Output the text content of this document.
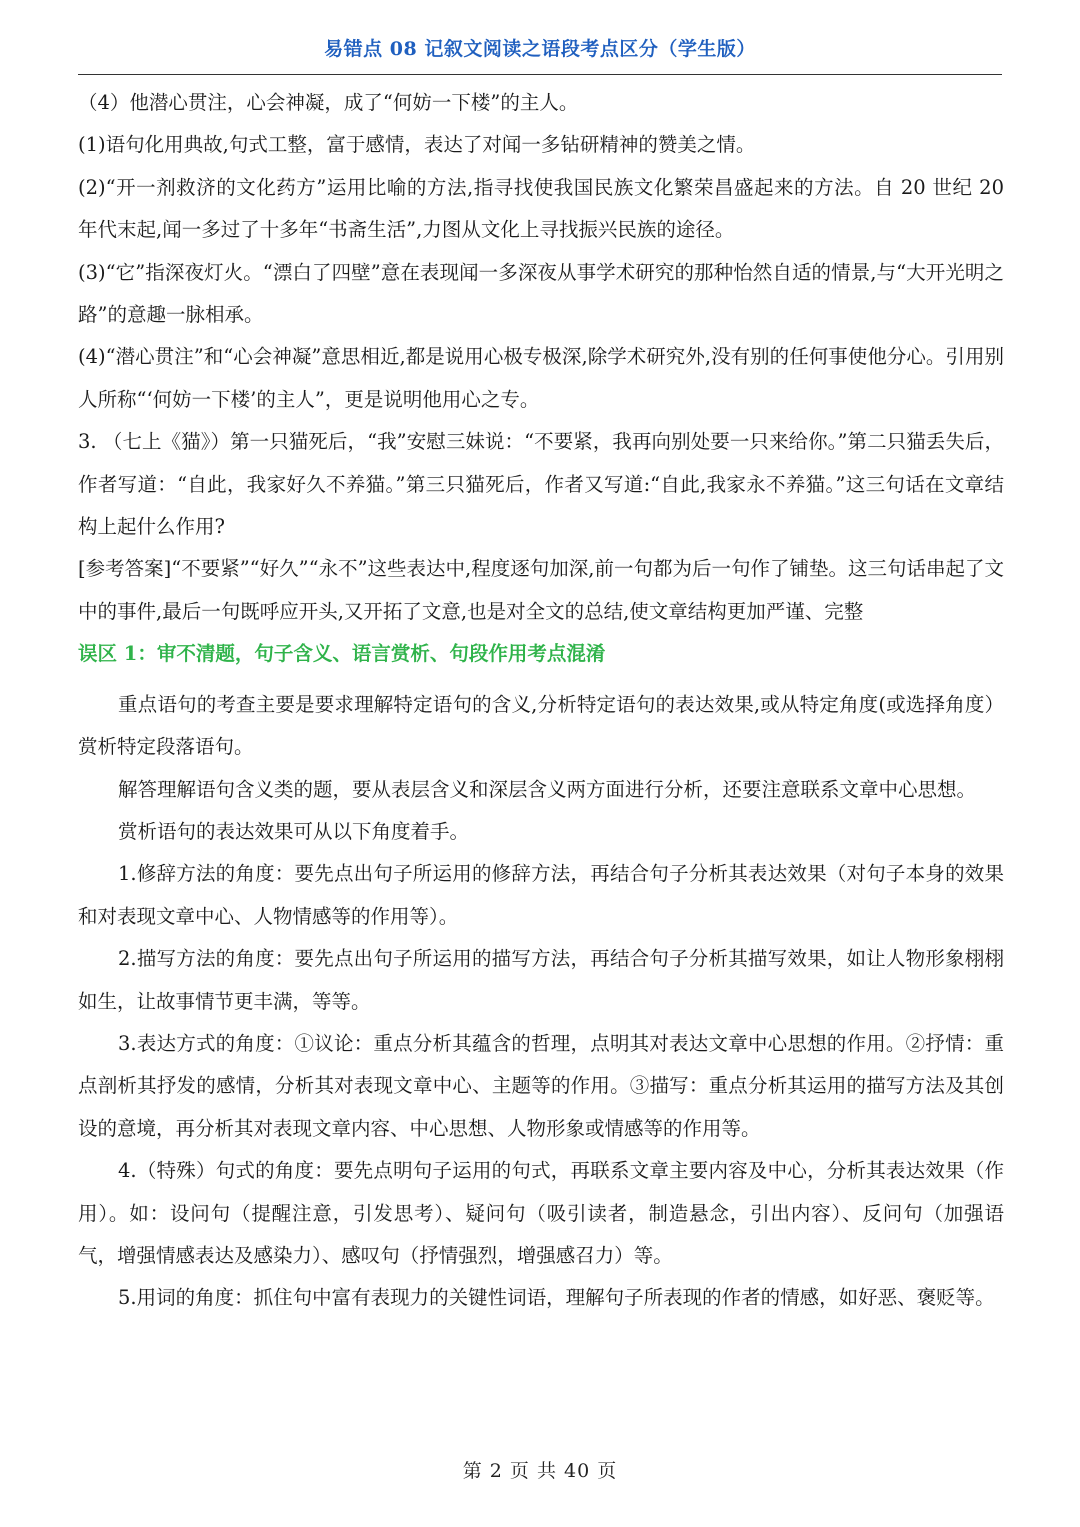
易错点 08 记叙文阅读之语段考点区分（学生版）

（4）他潜心贯注，心会神凝，成了“何妨一下楼”的主人。

(1)语句化用典故,句式工整，富于感情，表达了对闻一多钻研精神的赞美之情。

(2)“开一剂救济的文化药方”运用比喻的方法,指寻找使我国民族文化繁荣昌盛起来的方法。自 20 世纪 20 年代末起,闻一多过了十多年“书斋生活”,力图从文化上寻找振兴民族的途径。

(3)“它”指深夜灯火。“漂白了四壁”意在表现闻一多深夜从事学术研究的那种怡然自适的情景,与“大开光明之路”的意趣一脉相承。

(4)“潜心贯注”和“心会神凝”意思相近,都是说用心极专极深,除学术研究外,没有别的任何事使他分心。引用别人所称“‘何妨一下楼’的主人”，更是说明他用心之专。

3. （七上《猫》）第一只猫死后，“我”安慰三妹说：“不要紧，我再向别处要一只来给你。”第二只猫丢失后，作者写道：“自此，我家好久不养猫。”第三只猫死后，作者又写道:“自此,我家永不养猫。”这三句话在文章结构上起什么作用?

[参考答案]“不要紧”“好久”“永不”这些表达中,程度逐句加深,前一句都为后一句作了铺垫。这三句话串起了文中的事件,最后一句既呼应开头,又开拓了文意,也是对全文的总结,使文章结构更加严谨、完整

误区 1：审不清题，句子含义、语言赏析、句段作用考点混淆

重点语句的考查主要是要求理解特定语句的含义,分析特定语句的表达效果,或从特定角度(或选择角度）赏析特定段落语句。

解答理解语句含义类的题，要从表层含义和深层含义两方面进行分析，还要注意联系文章中心思想。

赏析语句的表达效果可从以下角度着手。

1.修辞方法的角度：要先点出句子所运用的修辞方法，再结合句子分析其表达效果（对句子本身的效果和对表现文章中心、人物情感等的作用等）。

2.描写方法的角度：要先点出句子所运用的描写方法，再结合句子分析其描写效果，如让人物形象栩栩如生，让故事情节更丰满，等等。

3.表达方式的角度：①议论：重点分析其蕴含的哲理，点明其对表达文章中心思想的作用。②抒情：重点剖析其抒发的感情，分析其对表现文章中心、主题等的作用。③描写：重点分析其运用的描写方法及其创设的意境，再分析其对表现文章内容、中心思想、人物形象或情感等的作用等。

4.（特殊）句式的角度：要先点明句子运用的句式，再联系文章主要内容及中心，分析其表达效果（作用）。如：设问句（提醒注意，引发思考）、疑问句（吸引读者，制造悬念，引出内容）、反问句（加强语气，增强情感表达及感染力）、感叹句（抒情强烈，增强感召力）等。

5.用词的角度：抓住句中富有表现力的关键性词语，理解句子所表现的作者的情感，如好恶、褒贬等。

第 2 页 共 40 页
